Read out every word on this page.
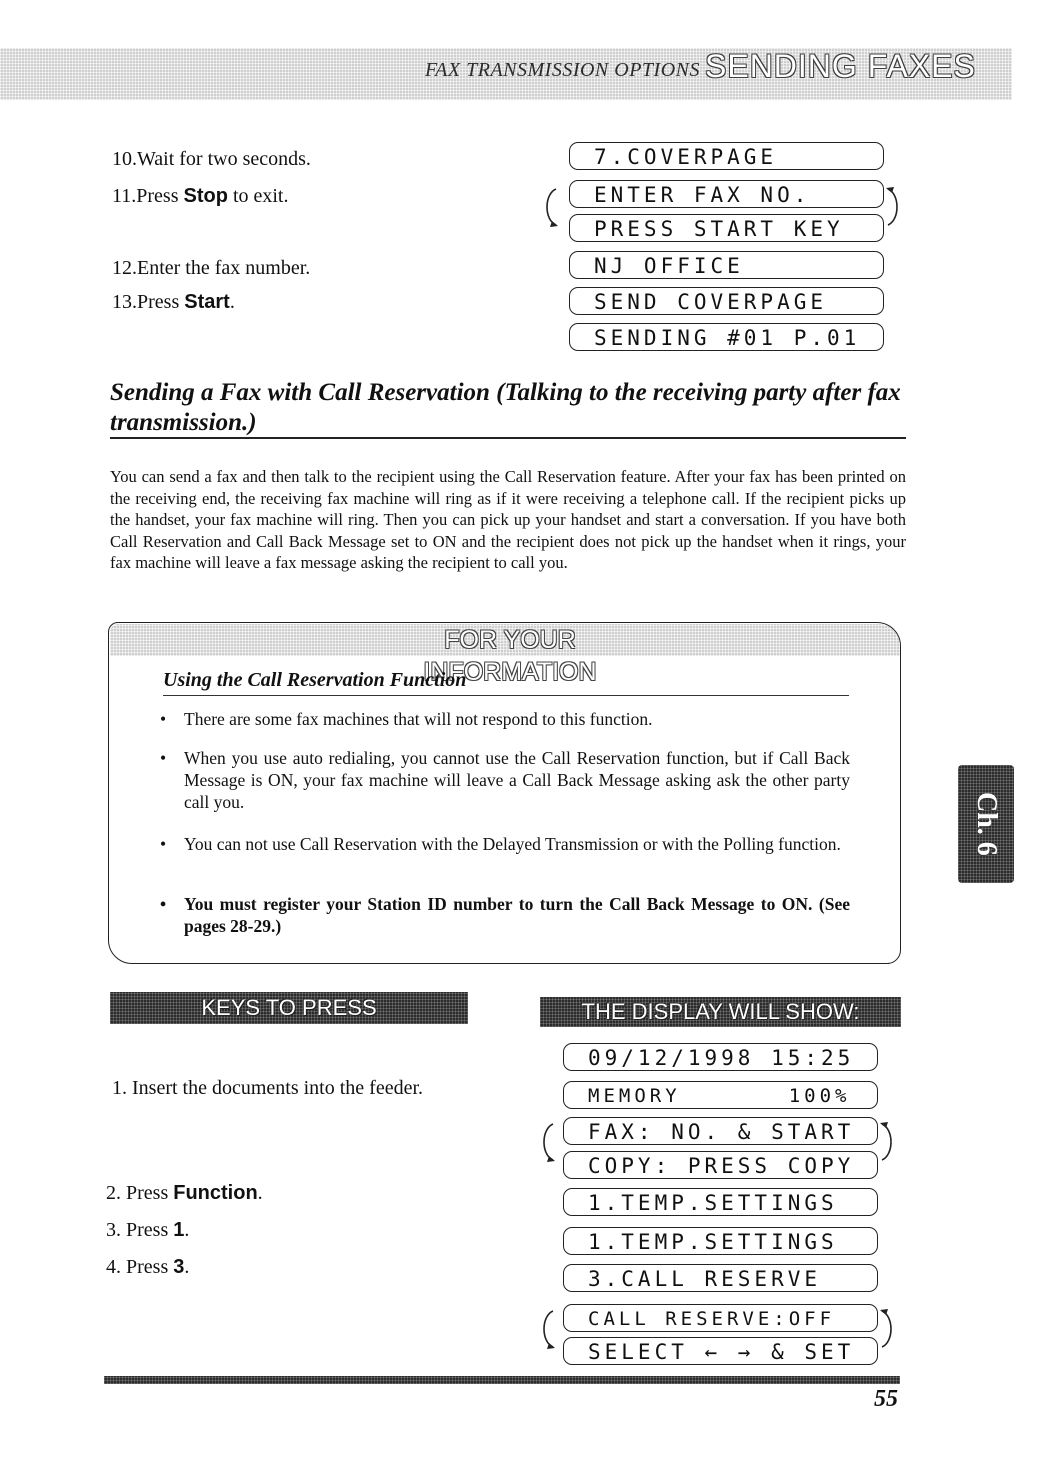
FAX TRANSMISSION OPTIONS SENDING FAXES
10.Wait for two seconds.
11.Press Stop to exit.
12.Enter the fax number.
13.Press Start.
7.COVERPAGE
ENTER FAX NO.
PRESS START KEY
NJ OFFICE
SEND COVERPAGE
SENDING #01 P.01
Sending a Fax with Call Reservation (Talking to the receiving party after fax transmission.)
You can send a fax and then talk to the recipient using the Call Reservation feature. After your fax has been printed on the receiving end, the receiving fax machine will ring as if it were receiving a telephone call. If the recipient picks up the handset, your fax machine will ring. Then you can pick up your handset and start a conversation. If you have both Call Reservation and Call Back Message set to ON and the recipient does not pick up the handset when it rings, your fax machine will leave a fax message asking the recipient to call you.
FOR YOUR INFORMATION
Using the Call Reservation Function
•	There are some fax machines that will not respond to this function.
•	When you use auto redialing, you cannot use the Call Reservation function, but if Call Back Message is ON, your fax machine will leave a Call Back Message asking ask the other party call you.
•	You can not use Call Reservation with the Delayed Transmission or with the Polling function.
•	You must register your Station ID number to turn the Call Back Message to ON. (See pages 28-29.)
Ch. 6
KEYS TO PRESS
1. Insert the documents into the feeder.
2. Press Function.
3. Press 1.
4. Press 3.
THE DISPLAY WILL SHOW:
09/12/1998 15:25
MEMORY       100%
FAX: NO. & START
COPY: PRESS COPY
1.TEMP.SETTINGS
1.TEMP.SETTINGS
3.CALL RESERVE
CALL RESERVE:OFF
SELECT ← → & SET
55
